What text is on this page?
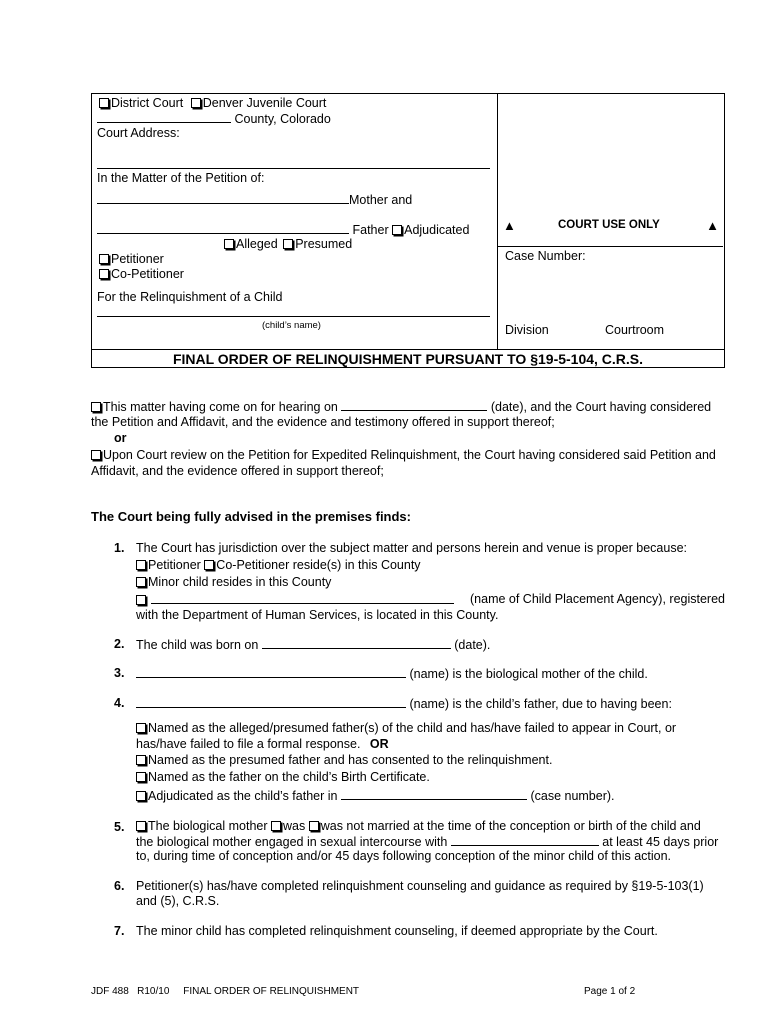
District Court Denver Juvenile Court
County, Colorado
Court Address:
In the Matter of the Petition of:
Mother and
Father Adjudicated
Alleged Presumed
Petitioner
Co-Petitioner
For the Relinquishment of a Child
(child’s name)
▲	COURT USE ONLY	▲
Case Number:
Division	Courtroom
FINAL ORDER OF RELINQUISHMENT PURSUANT TO §19-5-104, C.R.S.
This matter having come on for hearing on	(date), and the Court having considered
the Petition and Affidavit, and the evidence and testimony offered in support thereof;
or
Upon Court review on the Petition for Expedited Relinquishment, the Court having considered said Petition and
Affidavit, and the evidence offered in support thereof;
The Court being fully advised in the premises finds:
1. The Court has jurisdiction over the subject matter and persons herein and venue is proper because:
Petitioner Co-Petitioner reside(s) in this County
Minor child resides in this County

(name of Child Placement Agency), registered
with the Department of Human Services, is located in this County.
2. The child was born on	(date).
3.	(name) is the biological mother of the child.
4.	(name) is the child’s father, due to having been:
Named as the alleged/presumed father(s) of the child and has/have failed to appear in Court, or
has/have failed to file a formal response. OR
Named as the presumed father and has consented to the relinquishment.
Named as the father on the child’s Birth Certificate.
Adjudicated as the child’s father in	(case number).
5.	The biological mother was was not married at the time of the conception or birth of the child and
the biological mother engaged in sexual intercourse with	at least 45 days prior
to, during time of conception and/or 45 days following conception of the minor child of this action.
6. Petitioner(s) has/have completed relinquishment counseling and guidance as required by §19-5-103(1)
and (5), C.R.S.
7. The minor child has completed relinquishment counseling, if deemed appropriate by the Court.
JDF 488   R10/10     FINAL ORDER OF RELINQUISHMENT	Page 1 of 2
